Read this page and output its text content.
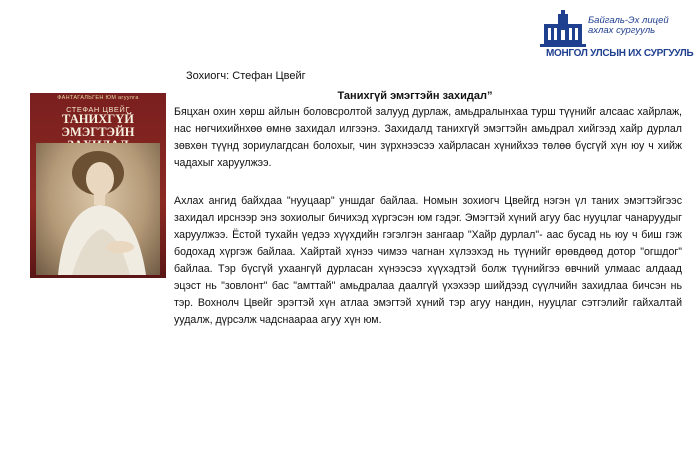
Байгаль-Эх лицей ахлах сургууль
МОНГОЛ УЛСЫН ИХ СУРГУУЛЬ
Зохиогч: Стефан Цвейг
ФАНТАГАЛЬГЕН ЮМ агуулга
СТЕФАН ЦВЕЙГ
ТАНИХГҮЙ ЭМЭГТЭЙН
Танихгүй эмэгтэйн захидал”
Бяцхан охин хөрш айлын боловсролтой залууд дурлаж, амьдралынхаа турш түүнийг алсаас хайрлаж, нас нөгчихийнхөө өмнө захидал илгээнэ. Захидалд танихгүй эмэгтэйн амьдрал хийгээд хайр дурлал зөвхөн түүнд зориулагдсан болохыг, чин зүрхнээсээ хайрласан хүнийхээ төлөө бүсгүй хүн юу ч хийж чадахыг харуулжээ.
Ахлах ангид байхдаа "нууцаар" уншдаг байлаа. Номын зохиогч Цвейгд нэгэн үл таних эмэгтэйгээс захидал ирснээр энэ зохиолыг бичихэд хүргэсэн юм гэдэг. Эмэгтэй хүний агуу бас нууцлаг чанаруудыг харуулжээ. Ёстой тухайн үедээ хүүхдийн гэгэлгэн зангаар "Хайр дурлал"- аас бусад нь юу ч биш гэж бодохад хүргэж байлаа. Хайртай хүнээ чимээ чагнан хүлээхэд нь түүнийг өрөвдөөд дотор "огшдог" байлаа. Тэр бүсгүй ухаангүй дурласан хүнээсээ хүүхэдтэй болж түүнийгээ өвчний улмаас алдаад эцэст нь "зовлонт" бас "амттай" амьдралаа даалгүй үхэхээр шийдээд сүүлчийн захидлаа бичсэн нь тэр. Вохнолч Цвейг эрэгтэй хүн атлаа эмэгтэй хүний тэр агуу нандин, нууцлаг сэтгэлийг гайхалтай уудалж, дүрсэлж чадснаараа агуу хүн юм.
